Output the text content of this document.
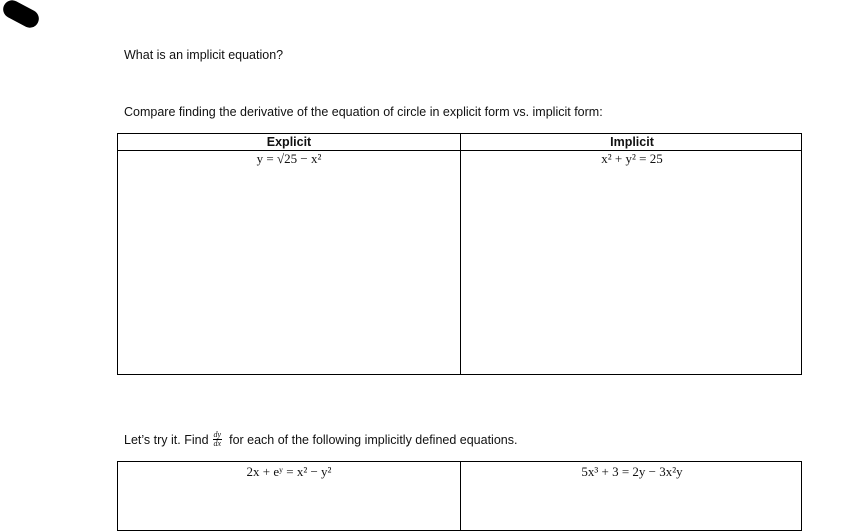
What is an implicit equation?
Compare finding the derivative of the equation of circle in explicit form vs. implicit form:
Explicit	Implicit
y = √25 − x²	x² + y² = 25
Let’s try it. Find $\frac{dy}{dx}$ for each of the following implicitly defined equations.
2x + eʸ = x² − y²	5x³ + 3 = 2y − 3x²y
